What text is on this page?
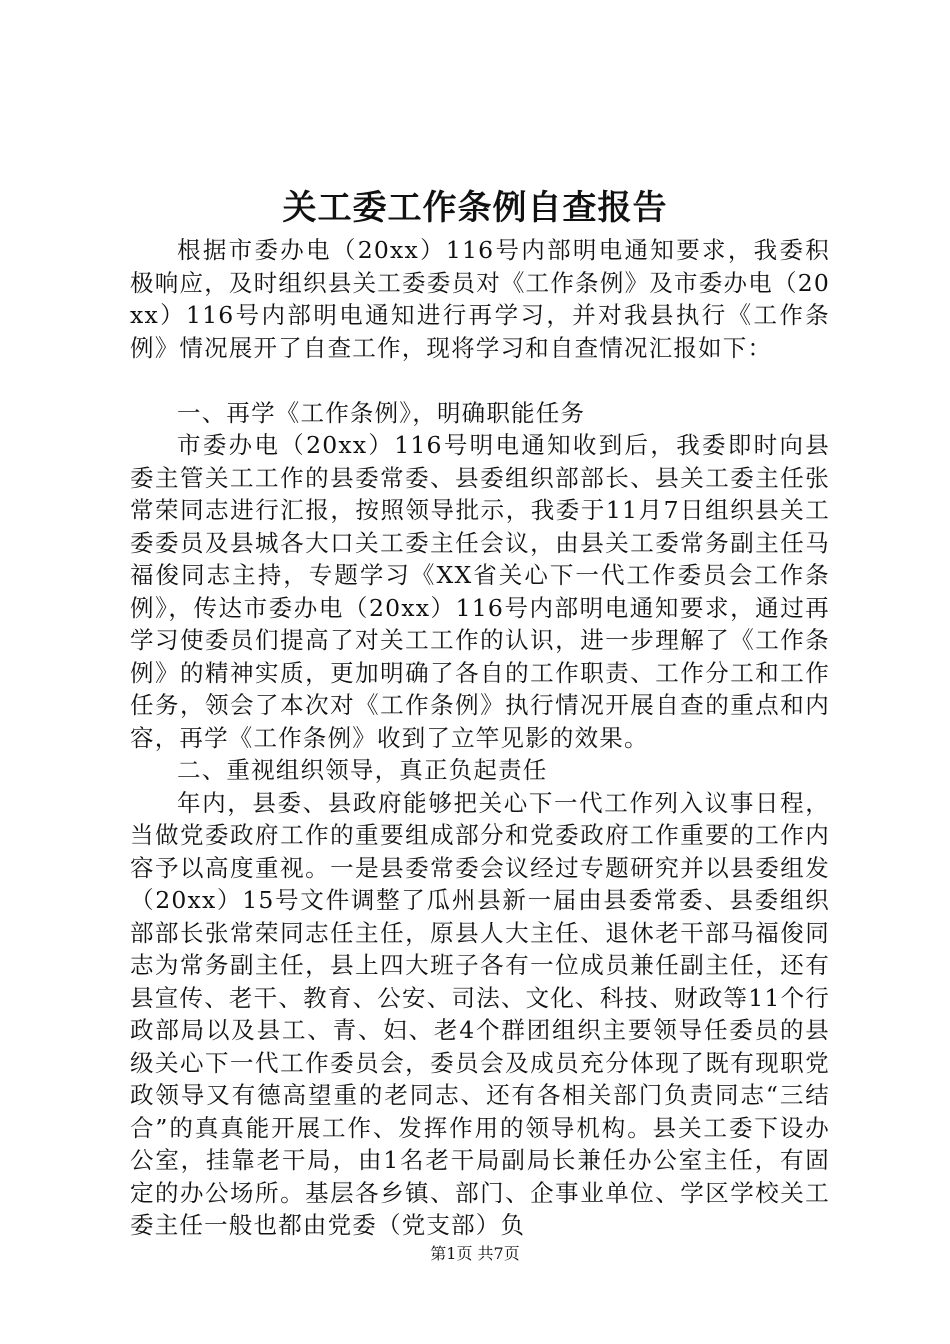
关工委工作条例自查报告

根据市委办电（20xx）116号内部明电通知要求，我委积极响应，及时组织县关工委委员对《工作条例》及市委办电（20xx）116号内部明电通知进行再学习，并对我县执行《工作条例》情况展开了自查工作，现将学习和自查情况汇报如下：

一、再学《工作条例》，明确职能任务

市委办电（20xx）116号明电通知收到后，我委即时向县委主管关工工作的县委常委、县委组织部部长、县关工委主任张常荣同志进行汇报，按照领导批示，我委于11月7日组织县关工委委员及县城各大口关工委主任会议，由县关工委常务副主任马福俊同志主持，专题学习《XX省关心下一代工作委员会工作条例》，传达市委办电（20xx）116号内部明电通知要求，通过再学习使委员们提高了对关工工作的认识，进一步理解了《工作条例》的精神实质，更加明确了各自的工作职责、工作分工和工作任务，领会了本次对《工作条例》执行情况开展自查的重点和内容，再学《工作条例》收到了立竿见影的效果。

二、重视组织领导，真正负起责任

年内，县委、县政府能够把关心下一代工作列入议事日程，当做党委政府工作的重要组成部分和党委政府工作重要的工作内容予以高度重视。一是县委常委会议经过专题研究并以县委组发（20xx）15号文件调整了瓜州县新一届由县委常委、县委组织部部长张常荣同志任主任，原县人大主任、退休老干部马福俊同志为常务副主任，县上四大班子各有一位成员兼任副主任，还有县宣传、老干、教育、公安、司法、文化、科技、财政等11个行政部局以及县工、青、妇、老4个群团组织主要领导任委员的县级关心下一代工作委员会，委员会及成员充分体现了既有现职党政领导又有德高望重的老同志、还有各相关部门负责同志“三结合”的真真能开展工作、发挥作用的领导机构。县关工委下设办公室，挂靠老干局，由1名老干局副局长兼任办公室主任，有固定的办公场所。基层各乡镇、部门、企事业单位、学区学校关工委主任一般也都由党委（党支部）负

第1页 共7页
